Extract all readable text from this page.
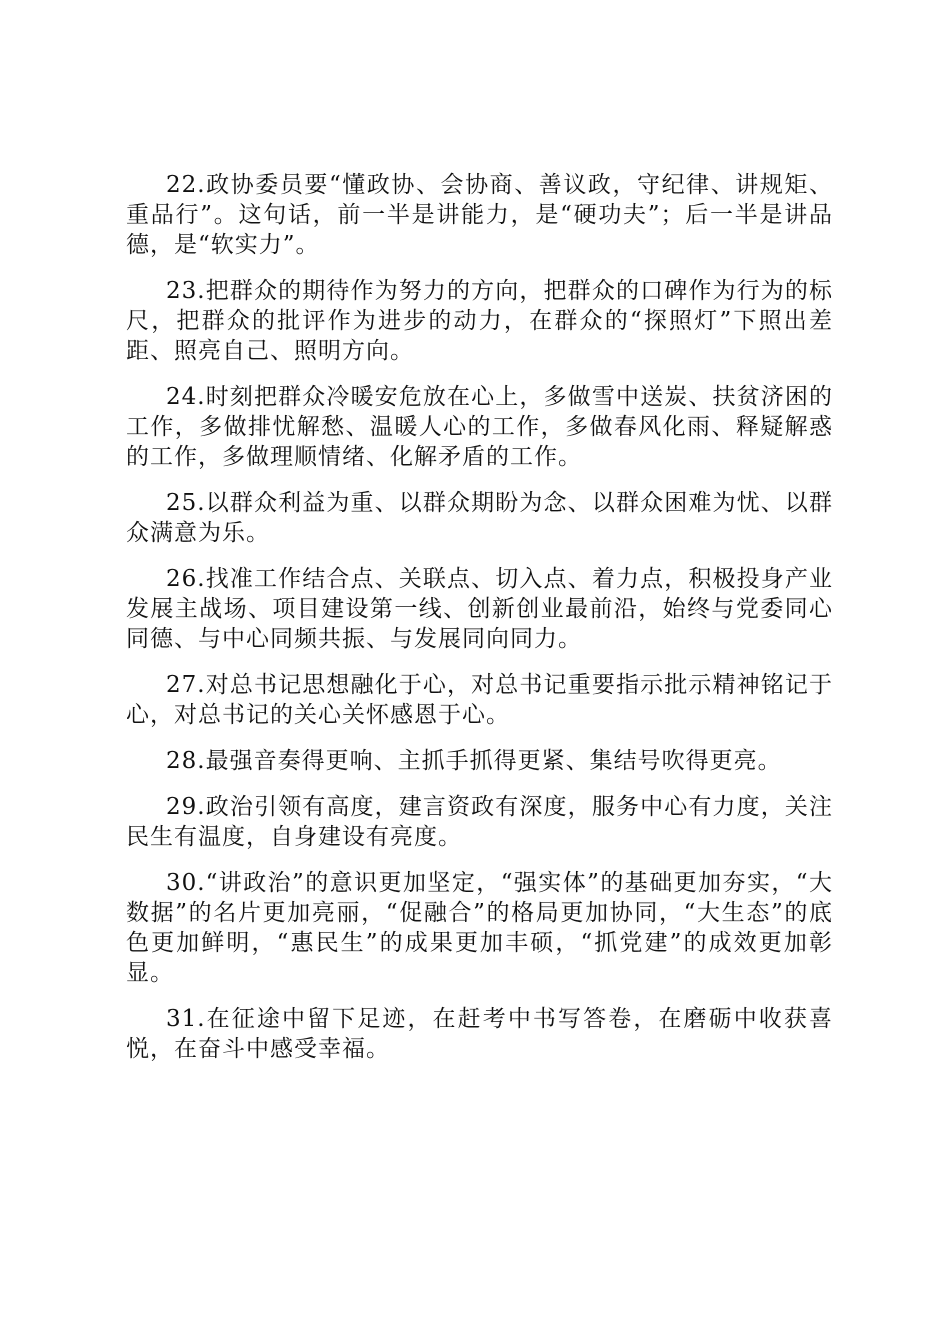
22.政协委员要“懂政协、会协商、善议政，守纪律、讲规矩、重品行”。这句话，前一半是讲能力，是“硬功夫”；后一半是讲品德，是“软实力”。

23.把群众的期待作为努力的方向，把群众的口碑作为行为的标尺，把群众的批评作为进步的动力，在群众的“探照灯”下照出差距、照亮自己、照明方向。

24.时刻把群众冷暖安危放在心上，多做雪中送炭、扶贫济困的工作，多做排忧解愁、温暖人心的工作，多做春风化雨、释疑解惑的工作，多做理顺情绪、化解矛盾的工作。

25.以群众利益为重、以群众期盼为念、以群众困难为忧、以群众满意为乐。

26.找准工作结合点、关联点、切入点、着力点，积极投身产业发展主战场、项目建设第一线、创新创业最前沿，始终与党委同心同德、与中心同频共振、与发展同向同力。

27.对总书记思想融化于心，对总书记重要指示批示精神铭记于心，对总书记的关心关怀感恩于心。

28.最强音奏得更响、主抓手抓得更紧、集结号吹得更亮。

29.政治引领有高度，建言资政有深度，服务中心有力度，关注民生有温度，自身建设有亮度。

30.“讲政治”的意识更加坚定，“强实体”的基础更加夯实，“大数据”的名片更加亮丽，“促融合”的格局更加协同，“大生态”的底色更加鲜明，“惠民生”的成果更加丰硕，“抓党建”的成效更加彰显。

31.在征途中留下足迹，在赶考中书写答卷，在磨砺中收获喜悦，在奋斗中感受幸福。
